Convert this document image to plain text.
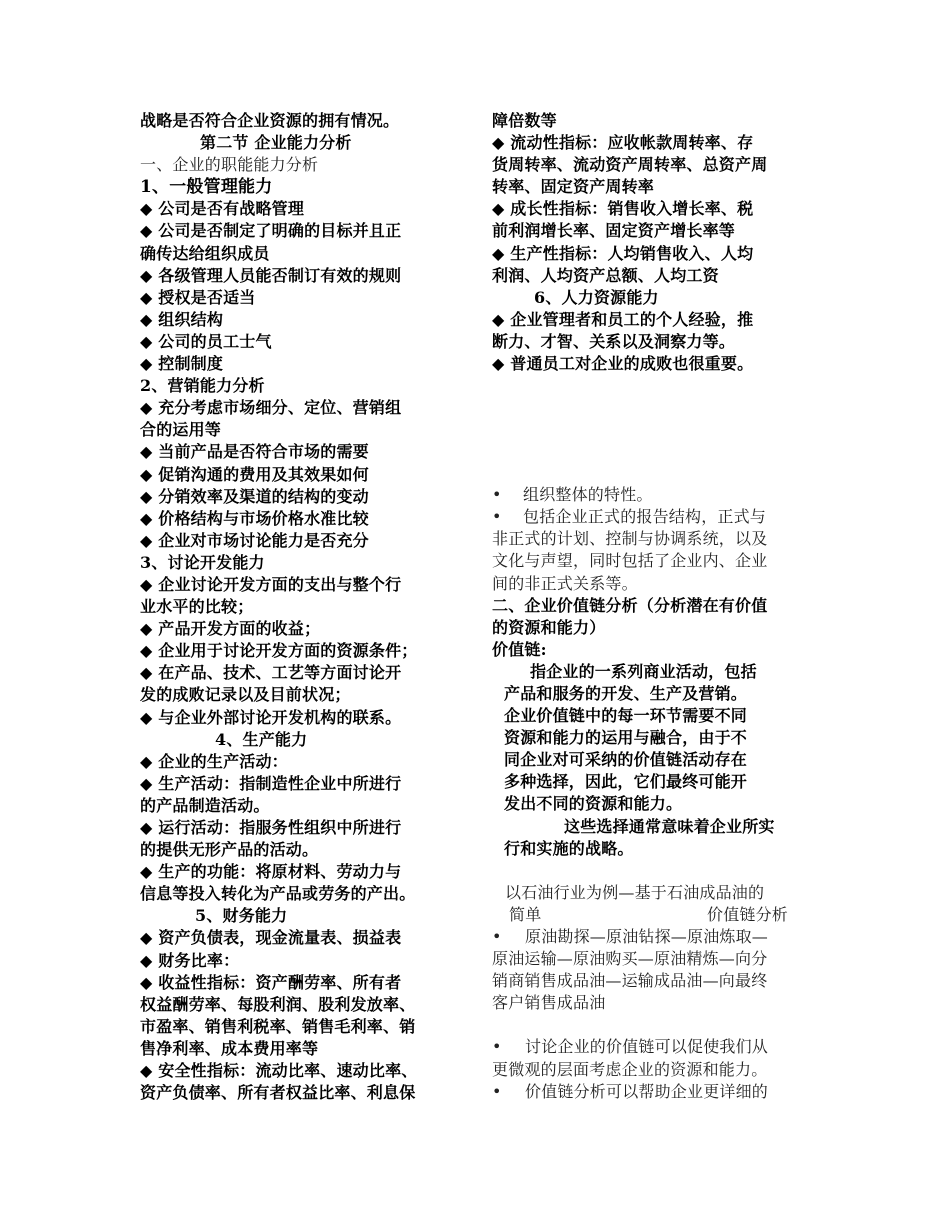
战略是否符合企业资源的拥有情况。
第二节 企业能力分析
一、企业的职能能力分析
1、一般管理能力
◆ 公司是否有战略管理
◆ 公司是否制定了明确的目标并且正
确传达给组织成员
◆ 各级管理人员能否制订有效的规则
◆ 授权是否适当
◆ 组织结构
◆ 公司的员工士气
◆ 控制制度
2、营销能力分析
◆ 充分考虑市场细分、定位、营销组
合的运用等
◆ 当前产品是否符合市场的需要
◆ 促销沟通的费用及其效果如何
◆ 分销效率及渠道的结构的变动
◆ 价格结构与市场价格水准比较
◆ 企业对市场讨论能力是否充分
3、讨论开发能力
◆ 企业讨论开发方面的支出与整个行
业水平的比较；
◆ 产品开发方面的收益；
◆ 企业用于讨论开发方面的资源条件；
◆ 在产品、技术、工艺等方面讨论开
发的成败记录以及目前状况；
◆ 与企业外部讨论开发机构的联系。
4、生产能力
◆ 企业的生产活动：
◆ 生产活动：指制造性企业中所进行
的产品制造活动。
◆ 运行活动：指服务性组织中所进行
的提供无形产品的活动。
◆ 生产的功能：将原材料、劳动力与
信息等投入转化为产品或劳务的产出。
5、财务能力
◆ 资产负债表，现金流量表、损益表
◆ 财务比率：
◆ 收益性指标：资产酬劳率、所有者
权益酬劳率、每股利润、股利发放率、
市盈率、销售利税率、销售毛利率、销
售净利率、成本费用率等
◆ 安全性指标：流动比率、速动比率、
资产负债率、所有者权益比率、利息保
障倍数等
◆ 流动性指标：应收帐款周转率、存
货周转率、流动资产周转率、总资产周
转率、固定资产周转率
◆ 成长性指标：销售收入增长率、税
前利润增长率、固定资产增长率等
◆ 生产性指标：人均销售收入、人均
利润、人均资产总额、人均工资
6、人力资源能力
◆ 企业管理者和员工的个人经验，推
断力、才智、关系以及洞察力等。
◆ 普通员工对企业的成败也很重要。
• 组织整体的特性。
• 包括企业正式的报告结构，正式与
非正式的计划、控制与协调系统，以及
文化与声望，同时包括了企业内、企业
间的非正式关系等。
二、企业价值链分析（分析潜在有价值
的资源和能力）
价值链:
指企业的一系列商业活动，包括
产品和服务的开发、生产及营销。
企业价值链中的每一环节需要不同
资源和能力的运用与融合，由于不
同企业对可采纳的价值链活动存在
多种选择，因此，它们最终可能开
发出不同的资源和能力。
这些选择通常意味着企业所实
行和实施的战略。
以石油行业为例—基于石油成品油的
简单	价值链分析
• 原油勘探—原油钻探—原油炼取—
原油运输—原油购买—原油精炼—向分
销商销售成品油—运输成品油—向最终
客户销售成品油
• 讨论企业的价值链可以促使我们从
更微观的层面考虑企业的资源和能力。
• 价值链分析可以帮助企业更详细的
